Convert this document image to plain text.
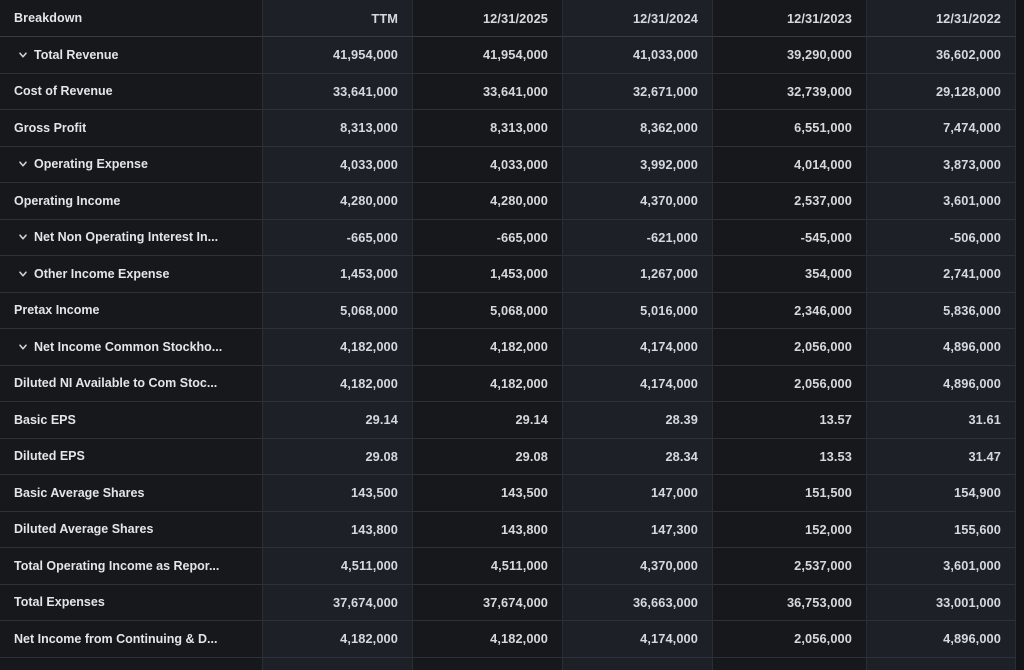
Breakdown	TTM	12/31/2025	12/31/2024	12/31/2023	12/31/2022
Total Revenue	41,954,000	41,954,000	41,033,000	39,290,000	36,602,000
Cost of Revenue	33,641,000	33,641,000	32,671,000	32,739,000	29,128,000
Gross Profit	8,313,000	8,313,000	8,362,000	6,551,000	7,474,000
Operating Expense	4,033,000	4,033,000	3,992,000	4,014,000	3,873,000
Operating Income	4,280,000	4,280,000	4,370,000	2,537,000	3,601,000
Net Non Operating Interest In...	-665,000	-665,000	-621,000	-545,000	-506,000
Other Income Expense	1,453,000	1,453,000	1,267,000	354,000	2,741,000
Pretax Income	5,068,000	5,068,000	5,016,000	2,346,000	5,836,000
Net Income Common Stockho...	4,182,000	4,182,000	4,174,000	2,056,000	4,896,000
Diluted NI Available to Com Stoc...	4,182,000	4,182,000	4,174,000	2,056,000	4,896,000
Basic EPS	29.14	29.14	28.39	13.57	31.61
Diluted EPS	29.08	29.08	28.34	13.53	31.47
Basic Average Shares	143,500	143,500	147,000	151,500	154,900
Diluted Average Shares	143,800	143,800	147,300	152,000	155,600
Total Operating Income as Repor...	4,511,000	4,511,000	4,370,000	2,537,000	3,601,000
Total Expenses	37,674,000	37,674,000	36,663,000	36,753,000	33,001,000
Net Income from Continuing & D...	4,182,000	4,182,000	4,174,000	2,056,000	4,896,000
